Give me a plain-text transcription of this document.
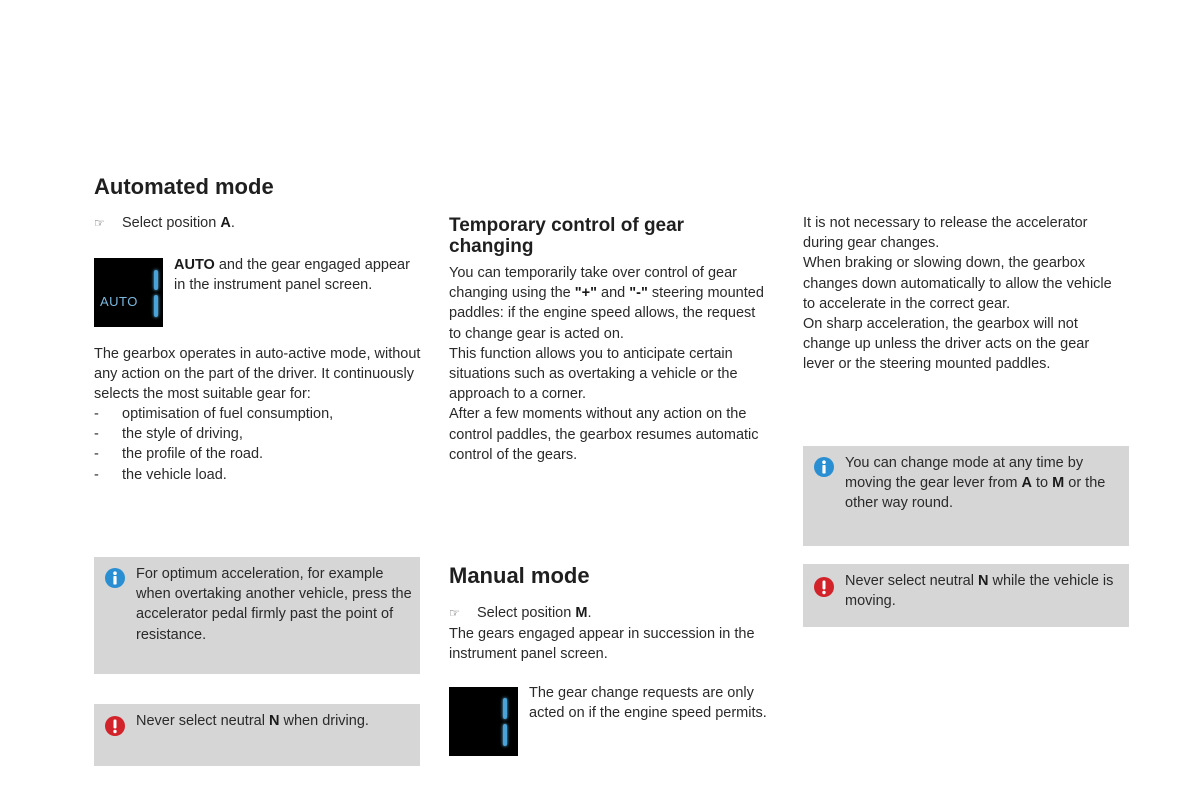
Automated mode
☞	Select position A.
AUTO

AUTO and the gear engaged appear in the instrument panel screen.

The gearbox operates in auto-active mode, without any action on the part of the driver. It continuously selects the most suitable gear for:

-	optimisation of fuel consumption,
-	the style of driving,
-	the profile of the road.
-	the vehicle load.
For optimum acceleration, for example when overtaking another vehicle, press the accelerator pedal firmly past the point of resistance.
Never select neutral N when driving.
Temporary control of gear changing

You can temporarily take over control of gear changing using the "+" and "-" steering mounted paddles: if the engine speed allows, the request to change gear is acted on.

This function allows you to anticipate certain situations such as overtaking a vehicle or the approach to a corner.

After a few moments without any action on the control paddles, the gearbox resumes automatic control of the gears.

Manual mode
☞	Select position M.

The gears engaged appear in succession in the instrument panel screen.

The gear change requests are only acted on if the engine speed permits.

It is not necessary to release the accelerator during gear changes.

When braking or slowing down, the gearbox changes down automatically to allow the vehicle to accelerate in the correct gear.

On sharp acceleration, the gearbox will not change up unless the driver acts on the gear lever or the steering mounted paddles.

You can change mode at any time by moving the gear lever from A to M or the other way round.
Never select neutral N while the vehicle is moving.
